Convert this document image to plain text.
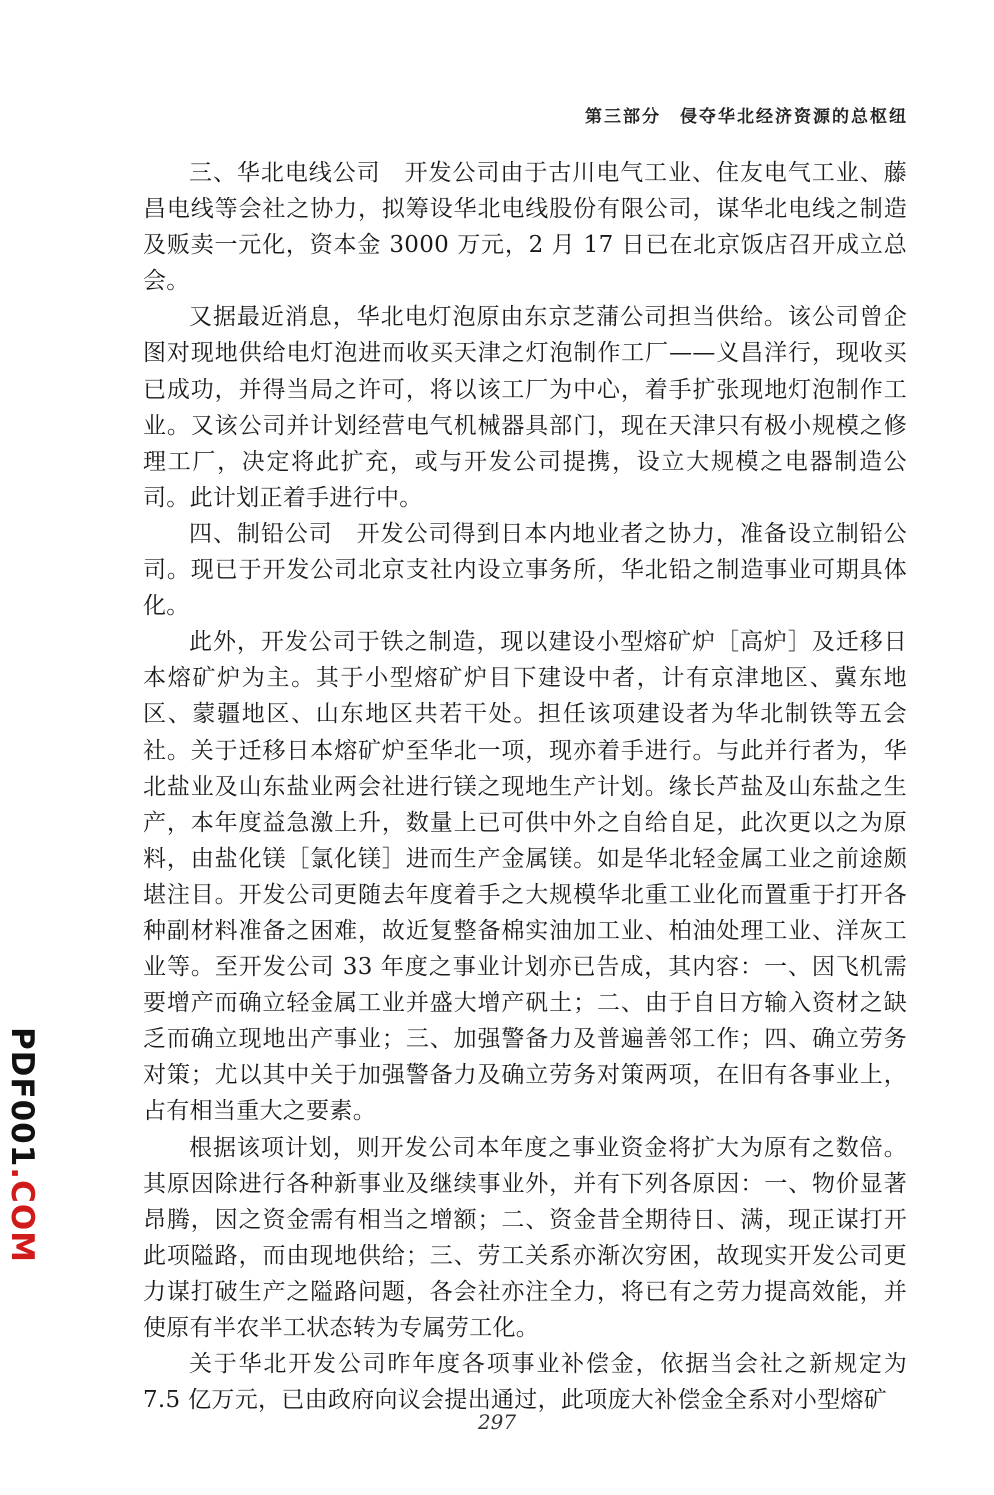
第三部分　侵夺华北经济资源的总枢纽

三、华北电线公司　开发公司由于古川电气工业、住友电气工业、藤昌电线等会社之协力，拟筹设华北电线股份有限公司，谋华北电线之制造及贩卖一元化，资本金 3000 万元，2 月 17 日已在北京饭店召开成立总会。

又据最近消息，华北电灯泡原由东京芝蒲公司担当供给。该公司曾企图对现地供给电灯泡进而收买天津之灯泡制作工厂——义昌洋行，现收买已成功，并得当局之许可，将以该工厂为中心，着手扩张现地灯泡制作工业。又该公司并计划经营电气机械器具部门，现在天津只有极小规模之修理工厂，决定将此扩充，或与开发公司提携，设立大规模之电器制造公司。此计划正着手进行中。

四、制铅公司　开发公司得到日本内地业者之协力，准备设立制铅公司。现已于开发公司北京支社内设立事务所，华北铅之制造事业可期具体化。

此外，开发公司于铁之制造，现以建设小型熔矿炉［高炉］及迁移日本熔矿炉为主。其于小型熔矿炉目下建设中者，计有京津地区、冀东地区、蒙疆地区、山东地区共若干处。担任该项建设者为华北制铁等五会社。关于迁移日本熔矿炉至华北一项，现亦着手进行。与此并行者为，华北盐业及山东盐业两会社进行镁之现地生产计划。缘长芦盐及山东盐之生产，本年度益急激上升，数量上已可供中外之自给自足，此次更以之为原料，由盐化镁［氯化镁］进而生产金属镁。如是华北轻金属工业之前途颇堪注目。开发公司更随去年度着手之大规模华北重工业化而置重于打开各种副材料准备之困难，故近复整备棉实油加工业、柏油处理工业、洋灰工业等。至开发公司 33 年度之事业计划亦已告成，其内容：一、因飞机需要增产而确立轻金属工业并盛大增产矾土；二、由于自日方输入资材之缺乏而确立现地出产事业；三、加强警备力及普遍善邻工作；四、确立劳务对策；尤以其中关于加强警备力及确立劳务对策两项，在旧有各事业上，占有相当重大之要素。

根据该项计划，则开发公司本年度之事业资金将扩大为原有之数倍。其原因除进行各种新事业及继续事业外，并有下列各原因：一、物价显著昂腾，因之资金需有相当之增额；二、资金昔全期待日、满，现正谋打开此项隘路，而由现地供给；三、劳工关系亦渐次穷困，故现实开发公司更力谋打破生产之隘路问题，各会社亦注全力，将已有之劳力提高效能，并使原有半农半工状态转为专属劳工化。

关于华北开发公司昨年度各项事业补偿金，依据当会社之新规定为 7.5 亿万元，已由政府向议会提出通过，此项庞大补偿金全系对小型熔矿

297
PDF001.COM
